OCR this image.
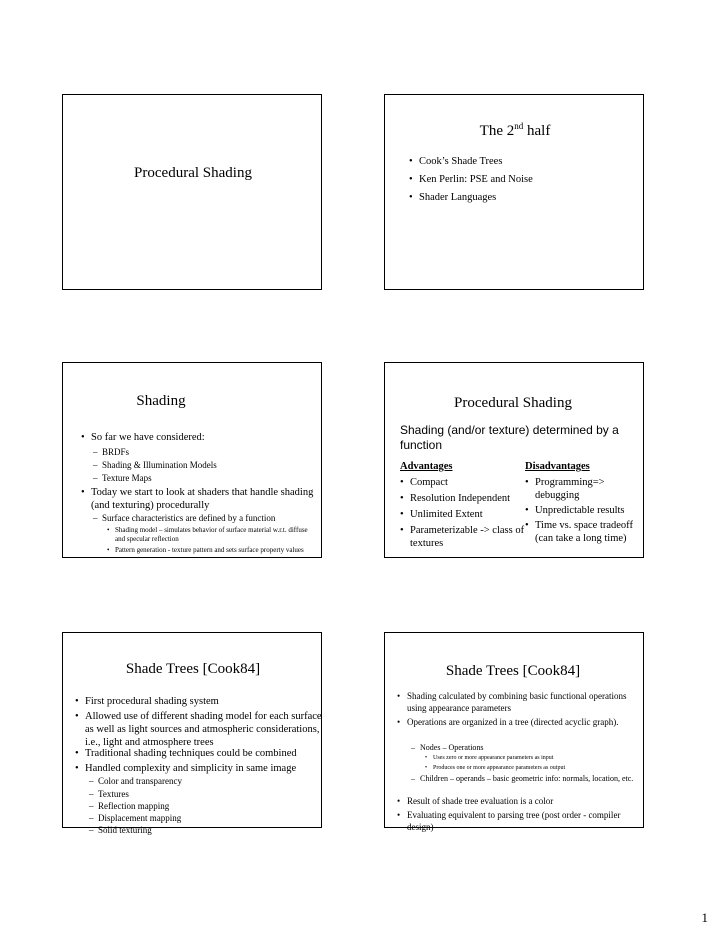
Procedural Shading
The 2nd half
• Cook’s Shade Trees
• Ken Perlin: PSE and Noise
• Shader Languages
Shading
• So far we have considered:
– BRDFs
– Shading & Illumination Models
– Texture Maps
• Today we start to look at shaders that handle shading (and texturing) procedurally
– Surface characteristics are defined by a function
• Shading model – simulates behavior of surface material w.r.t. diffuse and specular reflection
• Pattern generation - texture pattern and sets surface property values
Procedural Shading
Shading (and/or texture) determined by a function
Advantages
• Compact
• Resolution Independent
• Unlimited Extent
• Parameterizable -> class of textures
Disadvantages
• Programming=> debugging
• Unpredictable results
• Time vs. space tradeoff (can take a long time)
Shade Trees [Cook84]
• First procedural shading system
• Allowed use of different shading model for each surface as well as light sources and atmospheric considerations, i.e., light and atmosphere trees
• Traditional shading techniques could be combined
• Handled complexity and simplicity in same image
– Color and transparency
– Textures
– Reflection mapping
– Displacement mapping
– Solid texturing
Shade Trees [Cook84]
• Shading calculated by combining basic functional operations using appearance parameters
• Operations are organized in a tree (directed acyclic graph).
– Nodes – Operations
• Uses zero or more appearance parameters as input
• Produces one or more appearance parameters as output
– Children – operands – basic geometric info: normals, location, etc.
• Result of shade tree evaluation is a color
• Evaluating equivalent to parsing tree (post order - compiler design)
1
